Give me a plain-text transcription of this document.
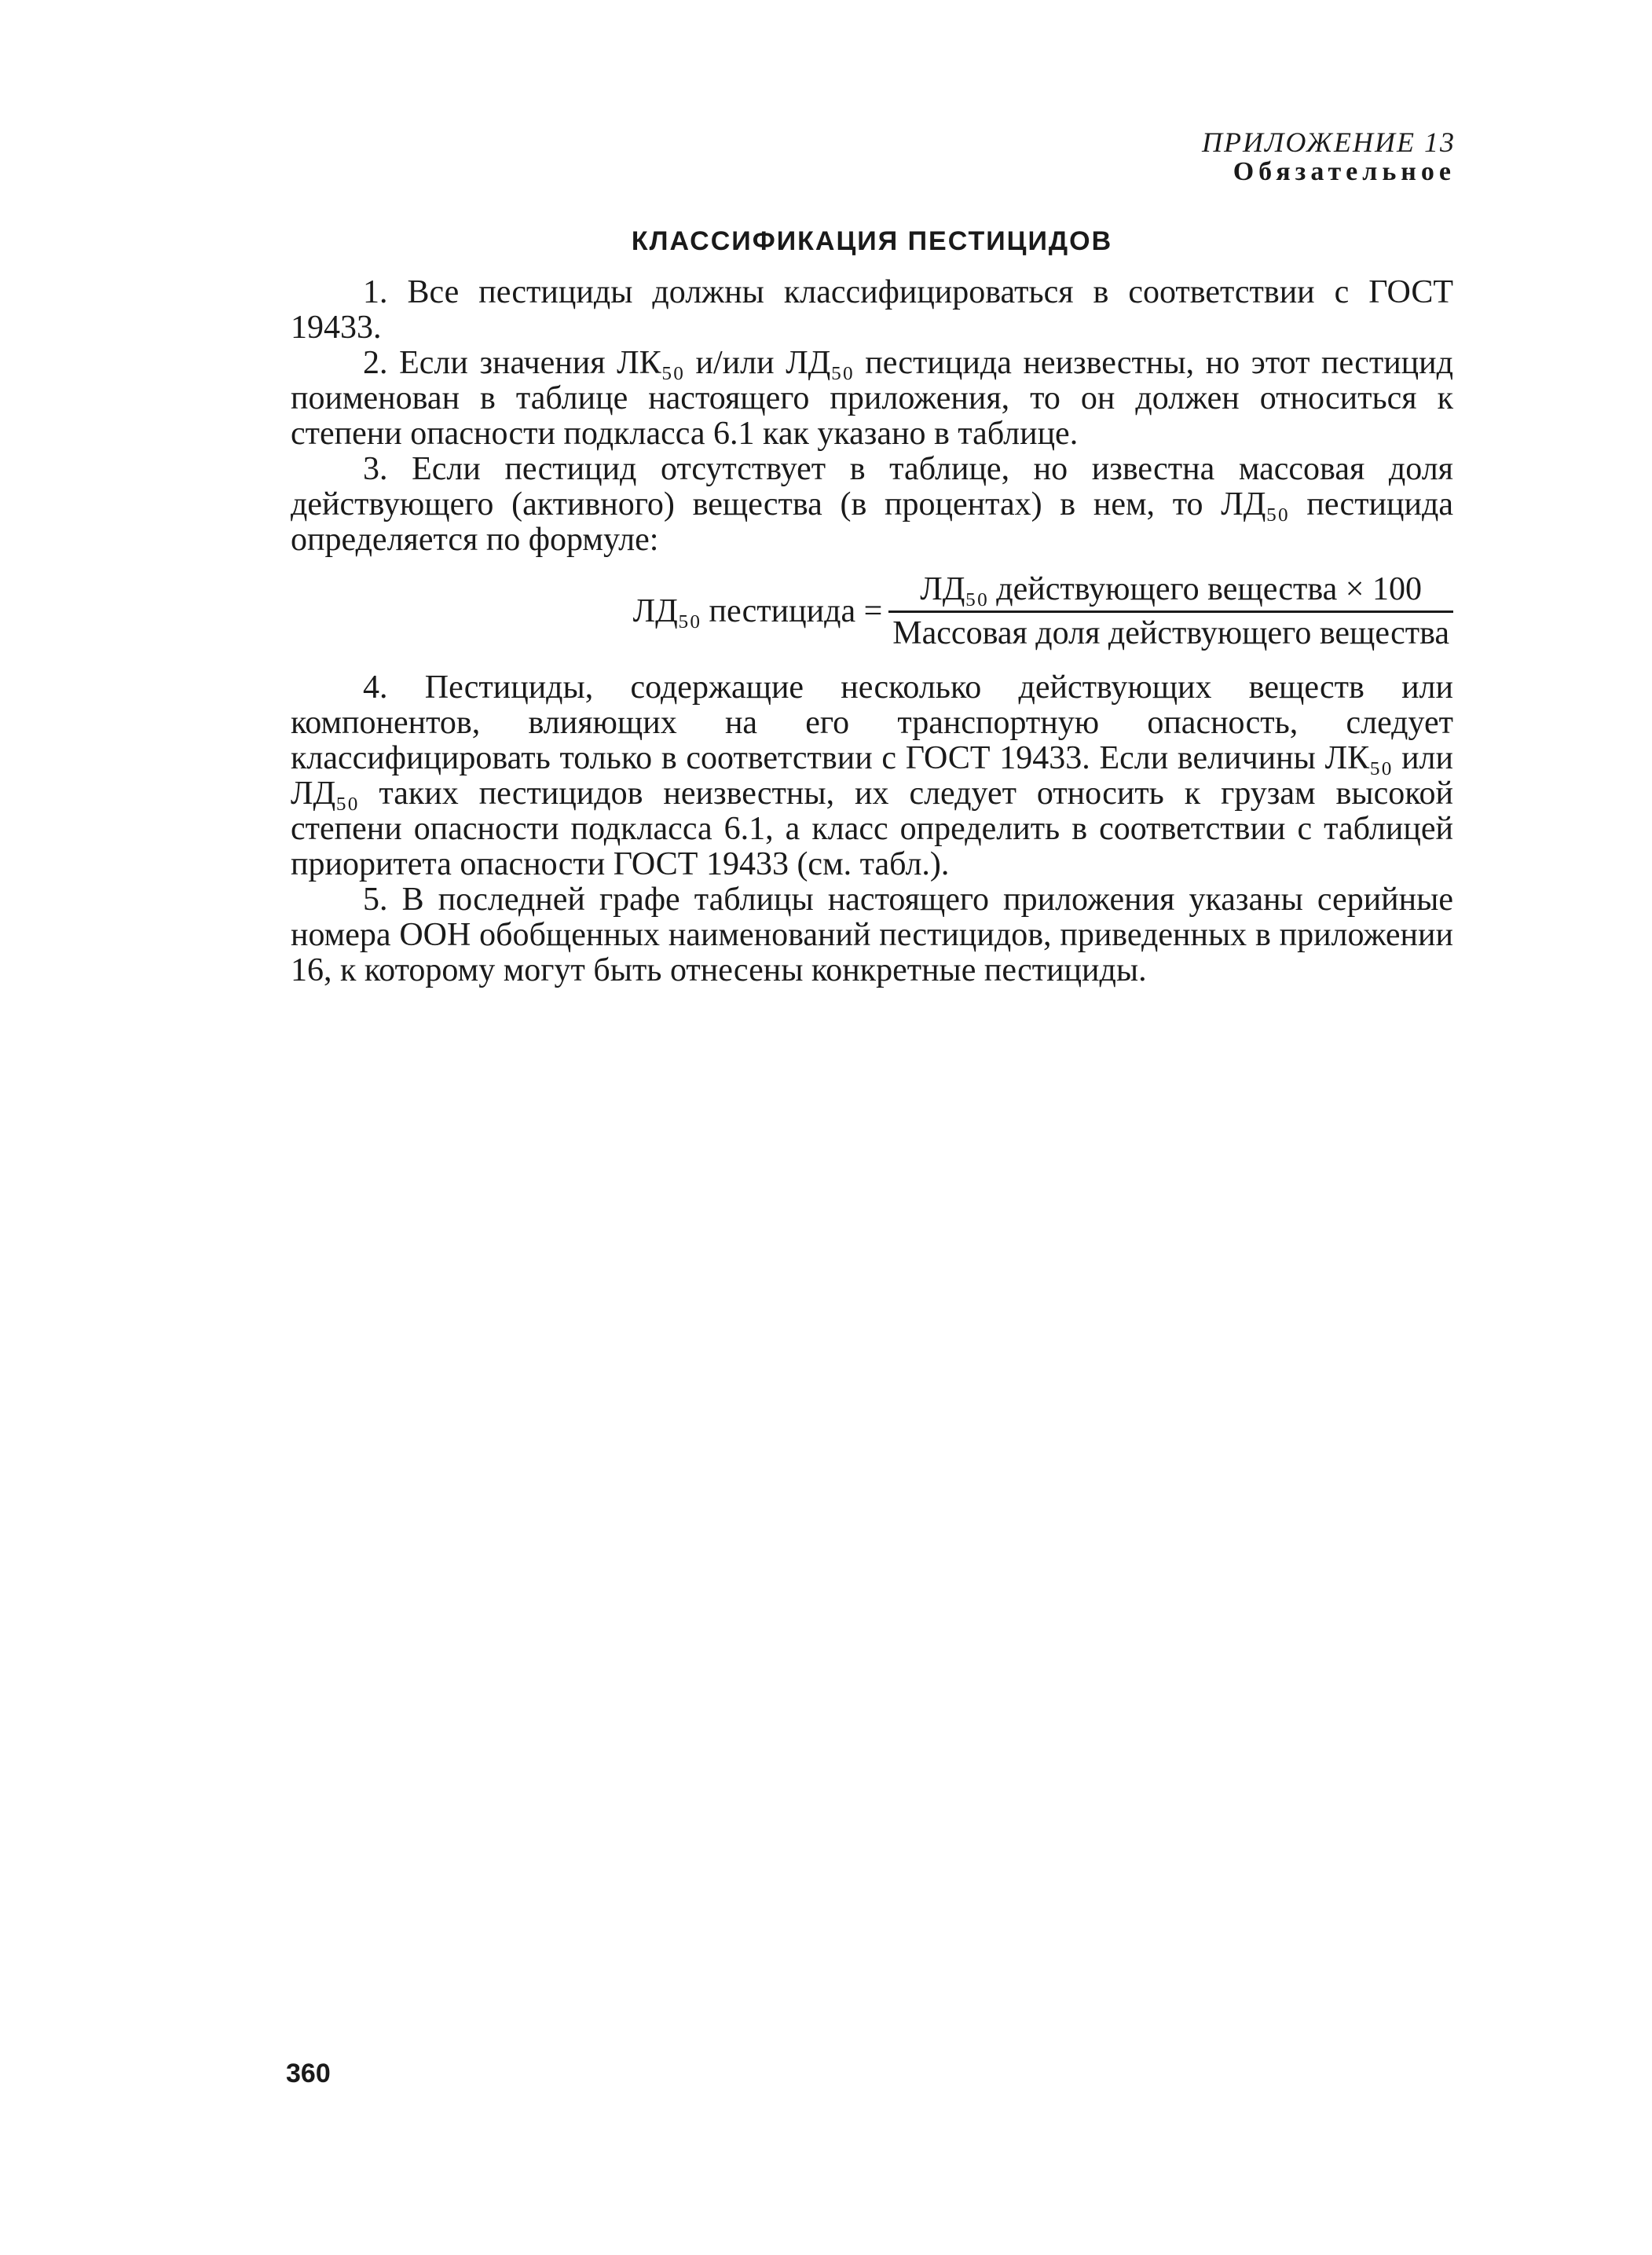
ПРИЛОЖЕНИЕ 13
Обязательное
КЛАССИФИКАЦИЯ ПЕСТИЦИДОВ

1. Все пестициды должны классифицироваться в соответствии с ГОСТ 19433.

2. Если значения ЛК₅₀ и/или ЛД₅₀ пестицида неизвестны, но этот пестицид поименован в таблице настоящего приложения, то он должен относиться к степени опасности подкласса 6.1 как указано в таблице.

3. Если пестицид отсутствует в таблице, но известна массовая доля действующего (активного) вещества (в процентах) в нем, то ЛД₅₀ пестицида определяется по формуле:

ЛД₅₀ пестицида = $\frac{\text{ЛД₅₀ действующего вещества × 100}}{\text{Массовая доля действующего вещества}}$

4. Пестициды, содержащие несколько действующих веществ или компонентов, влияющих на его транспортную опасность, следует классифицировать только в соответствии с ГОСТ 19433. Если величины ЛК₅₀ или ЛД₅₀ таких пестицидов неизвестны, их следует относить к грузам высокой степени опасности подкласса 6.1, а класс определить в соответствии с таблицей приоритета опасности ГОСТ 19433 (см. табл.).

5. В последней графе таблицы настоящего приложения указаны серийные номера ООН обобщенных наименований пестицидов, приведенных в приложении 16, к которому могут быть отнесены конкретные пестициды.

360
